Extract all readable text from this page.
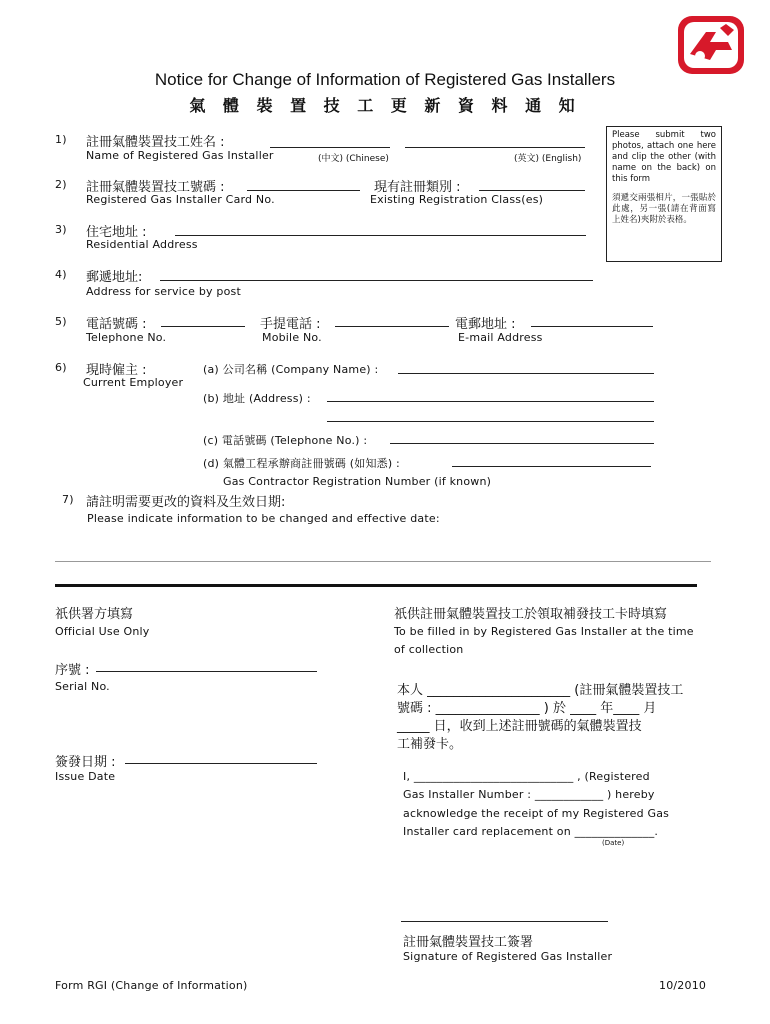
Notice for Change of Information of Registered Gas Installers
氣 體 裝 置 技 工 更 新 資 料 通 知
Please submit two photos, attach one here and clip the other (with name on the back) on this form
須遞交兩張相片，一張貼於此處，另一張(請在背面寫上姓名)夾附於表格。
1) 註冊氣體裝置技工姓名 :
Name of Registered Gas Installer	(中文) (Chinese)	(英文) (English)
2) 註冊氣體裝置技工號碼 :
Registered Gas Installer Card No.
現有註冊類別 :
Existing Registration Class(es)
3) 住宅地址 :
Residential Address
4) 郵遞地址:
Address for service by post
5) 電話號碼 :
Telephone No.
手提電話 :
Mobile No.
電郵地址 :
E-mail Address
6) 現時僱主 :
Current Employer
(a) 公司名稱 (Company Name) :
(b) 地址 (Address) :
(c) 電話號碼 (Telephone No.) :
(d) 氣體工程承辦商註冊號碼 (如知悉) :
Gas Contractor Registration Number (if known)
7) 請註明需要更改的資料及生效日期:
Please indicate information to be changed and effective date:
祇供署方填寫
Official Use Only
序號 :
Serial No.
簽發日期 :
Issue Date
祇供註冊氣體裝置技工於領取補發技工卡時填寫
To be filled in by Registered Gas Installer at the time
of collection
本人 ______________________ (註冊氣體裝置技工
號碼 : ________________ ) 於 ____ 年____ 月
_____ 日，收到上述註冊號碼的氣體裝置技
工補發卡。
I, ____________________________ , (Registered
Gas Installer Number : ____________ ) hereby
acknowledge the receipt of my Registered Gas
Installer card replacement on ______________.
(Date)
註冊氣體裝置技工簽署
Signature of Registered Gas Installer
Form RGI (Change of Information)	10/2010
